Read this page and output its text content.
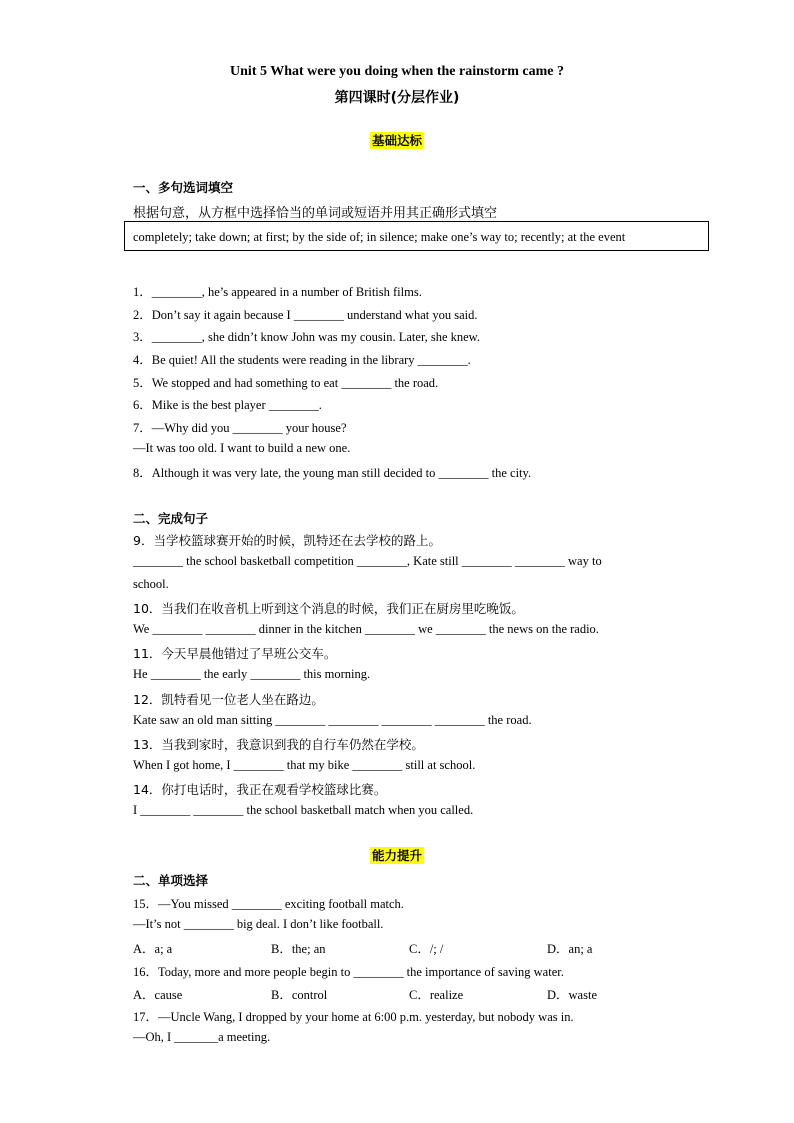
Unit 5 What were you doing when the rainstorm came ?
第四课时(分层作业)
基础达标
一、多句选词填空
根据句意，从方框中选择恰当的单词或短语并用其正确形式填空
completely; take down; at first; by the side of; in silence; make one’s way to; recently; at the event
1．________, he’s appeared in a number of British films.
2．Don’t say it again because I ________ understand what you said.
3．________, she didn’t know John was my cousin. Later, she knew.
4．Be quiet! All the students were reading in the library ________.
5．We stopped and had something to eat ________ the road.
6．Mike is the best player ________.
7．—Why did you ________ your house?
—It was too old. I want to build a new one.
8．Although it was very late, the young man still decided to ________ the city.
二、完成句子
9．当学校篮球赛开始的时候，凯特还在去学校的路上。
________ the school basketball competition ________, Kate still ________ ________ way to
school.
10．当我们在收音机上听到这个消息的时候，我们正在厨房里吃晚饭。
We ________ ________ dinner in the kitchen ________ we ________ the news on the radio.
11．今天早晨他错过了早班公交车。
He ________ the early ________ this morning.
12．凯特看见一位老人坐在路边。
Kate saw an old man sitting ________ ________ ________ ________ the road.
13．当我到家时，我意识到我的自行车仍然在学校。
When I got home, I ________ that my bike ________ still at school.
14．你打电话时，我正在观看学校篮球比赛。
I ________ ________ the school basketball match when you called.
能力提升
二、单项选择
15．—You missed ________ exciting football match.
—It’s not ________ big deal. I don’t like football.
A．a; a	B．the; an	C．/; /	D．an; a
16．Today, more and more people begin to ________ the importance of saving water.
A．cause	B．control	C．realize	D．waste
17．—Uncle Wang, I dropped by your home at 6:00 p.m. yesterday, but nobody was in.
—Oh, I _______a meeting.
